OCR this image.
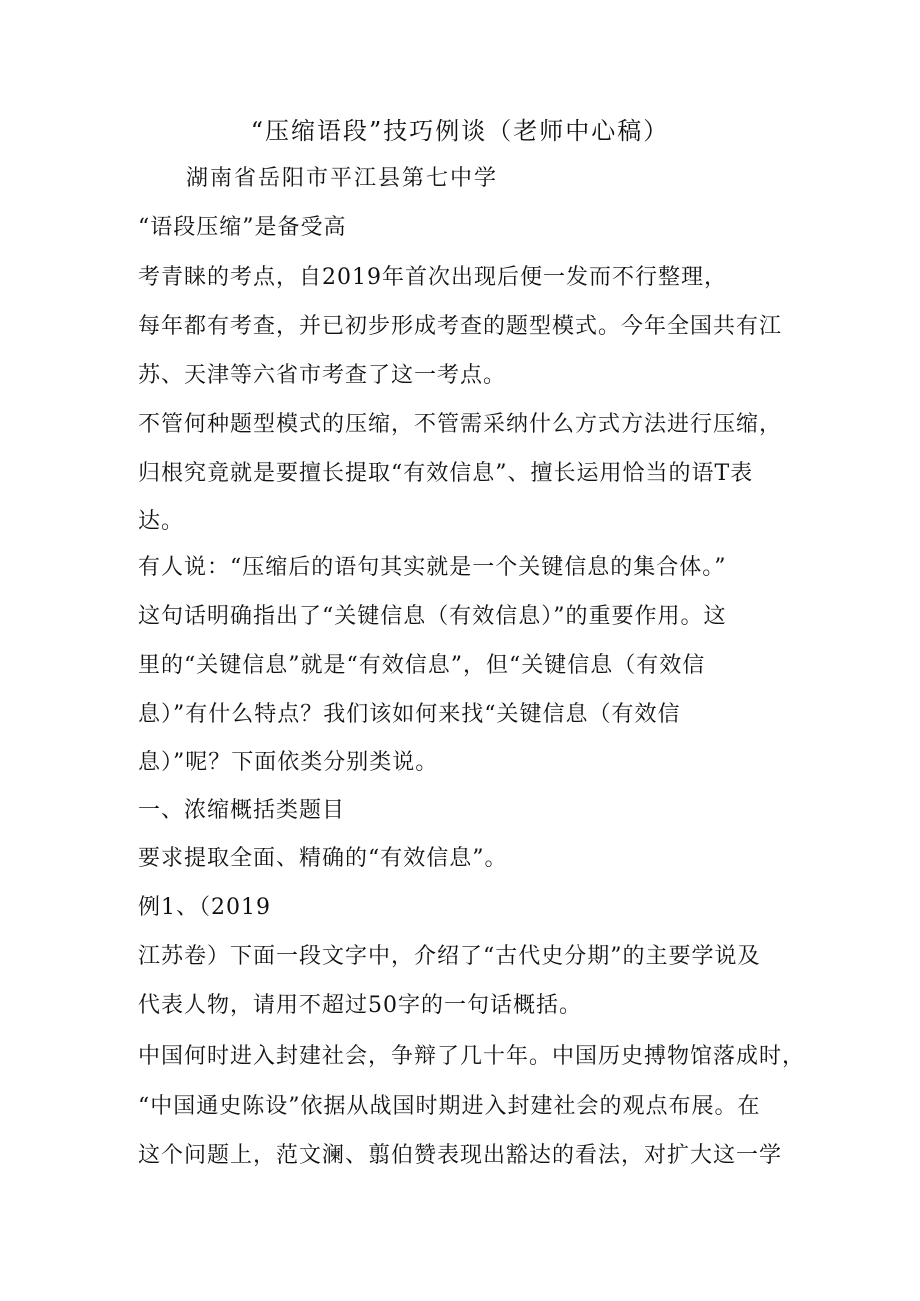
“压缩语段”技巧例谈（老师中心稿）
湖南省岳阳市平江县第七中学
“语段压缩”是备受高
考青睐的考点，自2019年首次出现后便一发而不行整理，
每年都有考查，并已初步形成考查的题型模式。今年全国共有江
苏、天津等六省市考查了这一考点。
不管何种题型模式的压缩，不管需采纳什么方式方法进行压缩，
归根究竟就是要擅长提取“有效信息”、擅长运用恰当的语T表
达。
有人说：“压缩后的语句其实就是一个关键信息的集合体。”
这句话明确指出了“关键信息（有效信息）”的重要作用。这
里的“关键信息”就是“有效信息”，但“关键信息（有效信
息）”有什么特点？我们该如何来找“关键信息（有效信
息）”呢？下面依类分别类说。
一、浓缩概括类题目
要求提取全面、精确的“有效信息”。
例1、（2019
江苏卷）下面一段文字中，介绍了“古代史分期”的主要学说及
代表人物，请用不超过50字的一句话概括。
中国何时进入封建社会，争辩了几十年。中国历史搏物馆落成时，
“中国通史陈设”依据从战国时期进入封建社会的观点布展。在
这个问题上，范文澜、翦伯赞表现出豁达的看法，对扩大这一学
